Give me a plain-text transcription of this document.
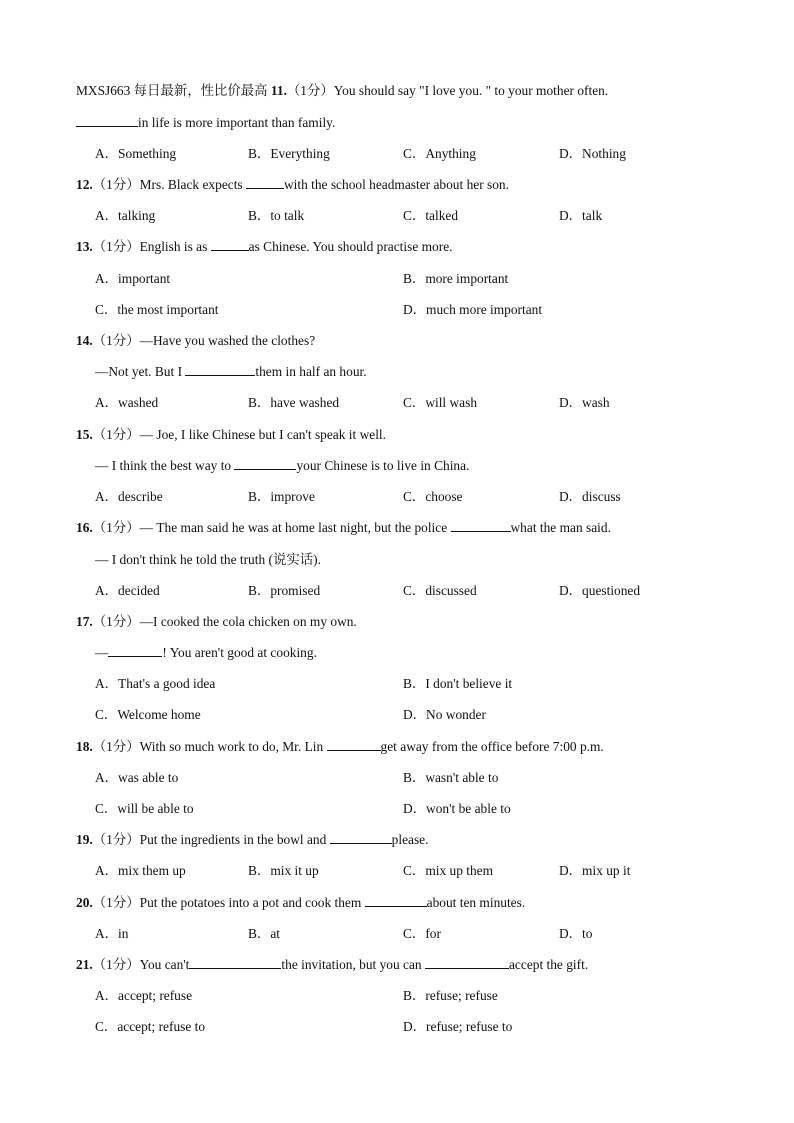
MXSJ663 每日最新，性比价最高 11.（1分）You should say "I love you. " to your mother often.
in life is more important than family.
A．Something	B．Everything	C．Anything	D．Nothing
12.（1分）Mrs. Black expects	with the school headmaster about her son.
A．talking	B．to talk	C．talked	D．talk
13.（1分）English is as	as Chinese. You should practise more.
A．important	B．more important
C．the most important	D．much more important
14.（1分）—Have you washed the clothes?
—Not yet. But I	them in half an hour.
A．washed	B．have washed	C．will wash	D．wash
15.（1分）— Joe, I like Chinese but I can't speak it well.
— I think the best way to	your Chinese is to live in China.
A．describe	B．improve	C．choose	D．discuss
16.（1分）— The man said he was at home last night, but the police	what the man said.
— I don't think he told the truth (说实话).
A．decided	B．promised	C．discussed	D．questioned
17.（1分）—I cooked the cola chicken on my own.
—	! You aren't good at cooking.
A．That's a good idea	B．I don't believe it
C．Welcome home	D．No wonder
18.（1分）With so much work to do, Mr. Lin	get away from the office before 7:00 p.m.
A．was able to	B．wasn't able to
C．will be able to	D．won't be able to
19.（1分）Put the ingredients in the bowl and	please.
A．mix them up	B．mix it up	C．mix up them	D．mix up it
20.（1分）Put the potatoes into a pot and cook them	about ten minutes.
A．in	B．at	C．for	D．to
21.（1分）You can't	the invitation, but you can	accept the gift.
A．accept; refuse	B．refuse; refuse
C．accept; refuse to	D．refuse; refuse to
